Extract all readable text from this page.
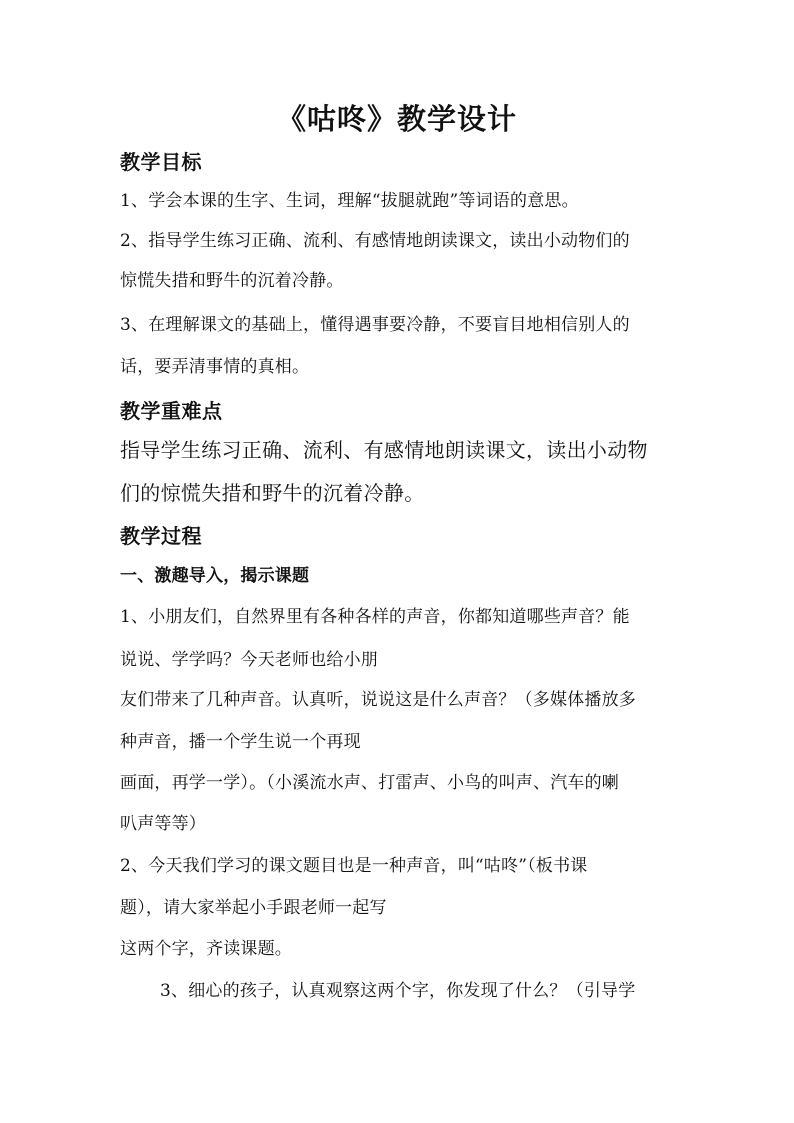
《咕咚》教学设计
教学目标
1、学会本课的生字、生词，理解“拔腿就跑”等词语的意思。
2、指导学生练习正确、流利、有感情地朗读课文，读出小动物们的
惊慌失措和野牛的沉着冷静。
3、在理解课文的基础上，懂得遇事要冷静，不要盲目地相信别人的
话，要弄清事情的真相。
教学重难点
指导学生练习正确、流利、有感情地朗读课文，读出小动物
们的惊慌失措和野牛的沉着冷静。
教学过程
一、激趣导入，揭示课题
1、小朋友们，自然界里有各种各样的声音，你都知道哪些声音？能
说说、学学吗？今天老师也给小朋
友们带来了几种声音。认真听，说说这是什么声音？（多媒体播放多
种声音，播一个学生说一个再现
画面，再学一学）。（小溪流水声、打雷声、小鸟的叫声、汽车的喇
叭声等等）
2、今天我们学习的课文题目也是一种声音，叫“咕咚”（板书课
题），请大家举起小手跟老师一起写
这两个字，齐读课题。
3、细心的孩子，认真观察这两个字，你发现了什么？（引导学
